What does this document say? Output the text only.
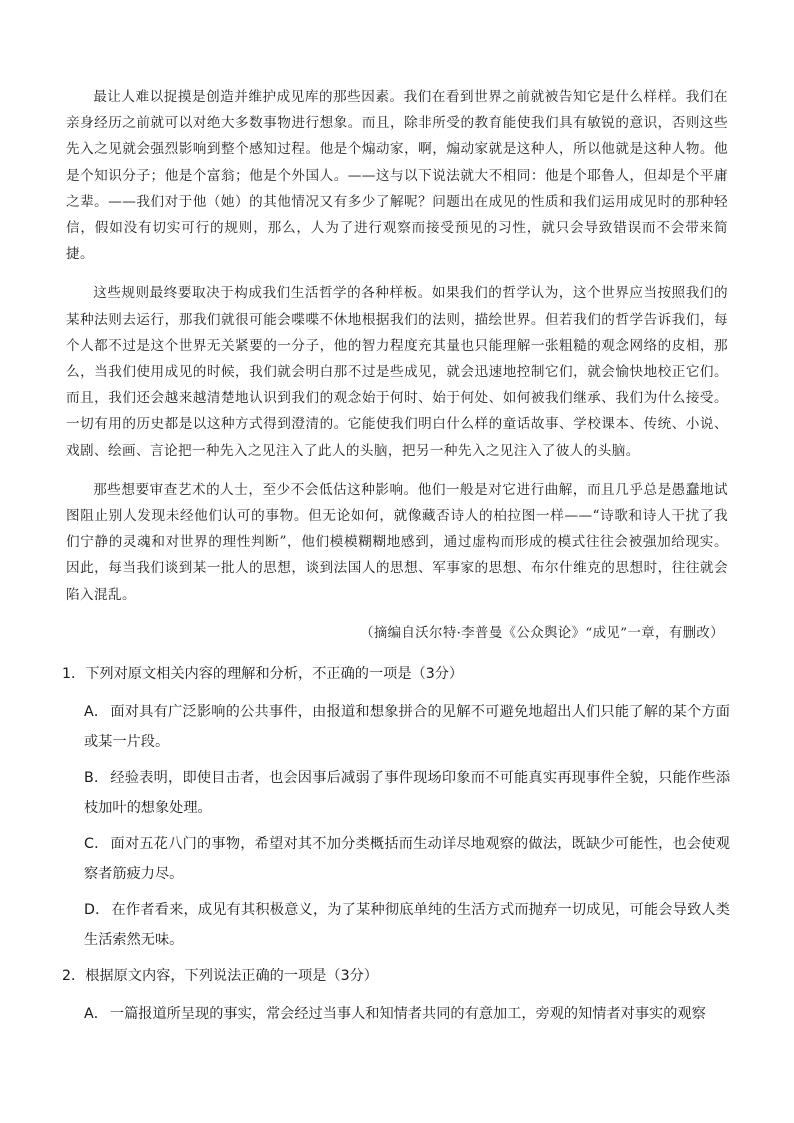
最让人难以捉摸是创造并维护成见库的那些因素。我们在看到世界之前就被告知它是什么样样。我们在亲身经历之前就可以对绝大多数事物进行想象。而且，除非所受的教育能使我们具有敏锐的意识，否则这些先入之见就会强烈影响到整个感知过程。他是个煽动家，啊，煽动家就是这种人，所以他就是这种人物。他是个知识分子；他是个富翁；他是个外国人。——这与以下说法就大不相同：他是个耶鲁人，但却是个平庸之辈。——我们对于他（她）的其他情况又有多少了解呢？问题出在成见的性质和我们运用成见时的那种轻信，假如没有切实可行的规则，那么，人为了进行观察而接受预见的习性，就只会导致错误而不会带来简捷。

这些规则最终要取决于构成我们生活哲学的各种样板。如果我们的哲学认为，这个世界应当按照我们的某种法则去运行，那我们就很可能会喋喋不休地根据我们的法则，描绘世界。但若我们的哲学告诉我们，每个人都不过是这个世界无关紧要的一分子，他的智力程度充其量也只能理解一张粗糙的观念网络的皮相，那么，当我们使用成见的时候，我们就会明白那不过是些成见，就会迅速地控制它们，就会愉快地校正它们。而且，我们还会越来越清楚地认识到我们的观念始于何时、始于何处、如何被我们继承、我们为什么接受。一切有用的历史都是以这种方式得到澄清的。它能使我们明白什么样的童话故事、学校课本、传统、小说、戏剧、绘画、言论把一种先入之见注入了此人的头脑，把另一种先入之见注入了彼人的头脑。

那些想要审查艺术的人士，至少不会低估这种影响。他们一般是对它进行曲解，而且几乎总是愚蠢地试图阻止别人发现未经他们认可的事物。但无论如何，就像藏否诗人的柏拉图一样——“诗歌和诗人干扰了我们宁静的灵魂和对世界的理性判断”，他们模模糊糊地感到，通过虚构而形成的模式往往会被强加给现实。因此，每当我们谈到某一批人的思想，谈到法国人的思想、军事家的思想、布尔什维克的思想时，往往就会陷入混乱。

（摘编自沃尔特·李普曼《公众舆论》“成见”一章，有删改）
1．下列对原文相关内容的理解和分析，不正确的一项是（3分）
A． 面对具有广泛影响的公共事件，由报道和想象拼合的见解不可避免地超出人们只能了解的某个方面或某一片段。
B． 经验表明，即使目击者，也会因事后减弱了事件现场印象而不可能真实再现事件全貌，只能作些添枝加叶的想象处理。
C． 面对五花八门的事物，希望对其不加分类概括而生动详尽地观察的做法，既缺少可能性，也会使观察者筋疲力尽。
D． 在作者看来，成见有其积极意义，为了某种彻底单纯的生活方式而抛弃一切成见，可能会导致人类生活索然无味。
2．根据原文内容，下列说法正确的一项是（3分）
A． 一篇报道所呈现的事实，常会经过当事人和知情者共同的有意加工，旁观的知情者对事实的观察
